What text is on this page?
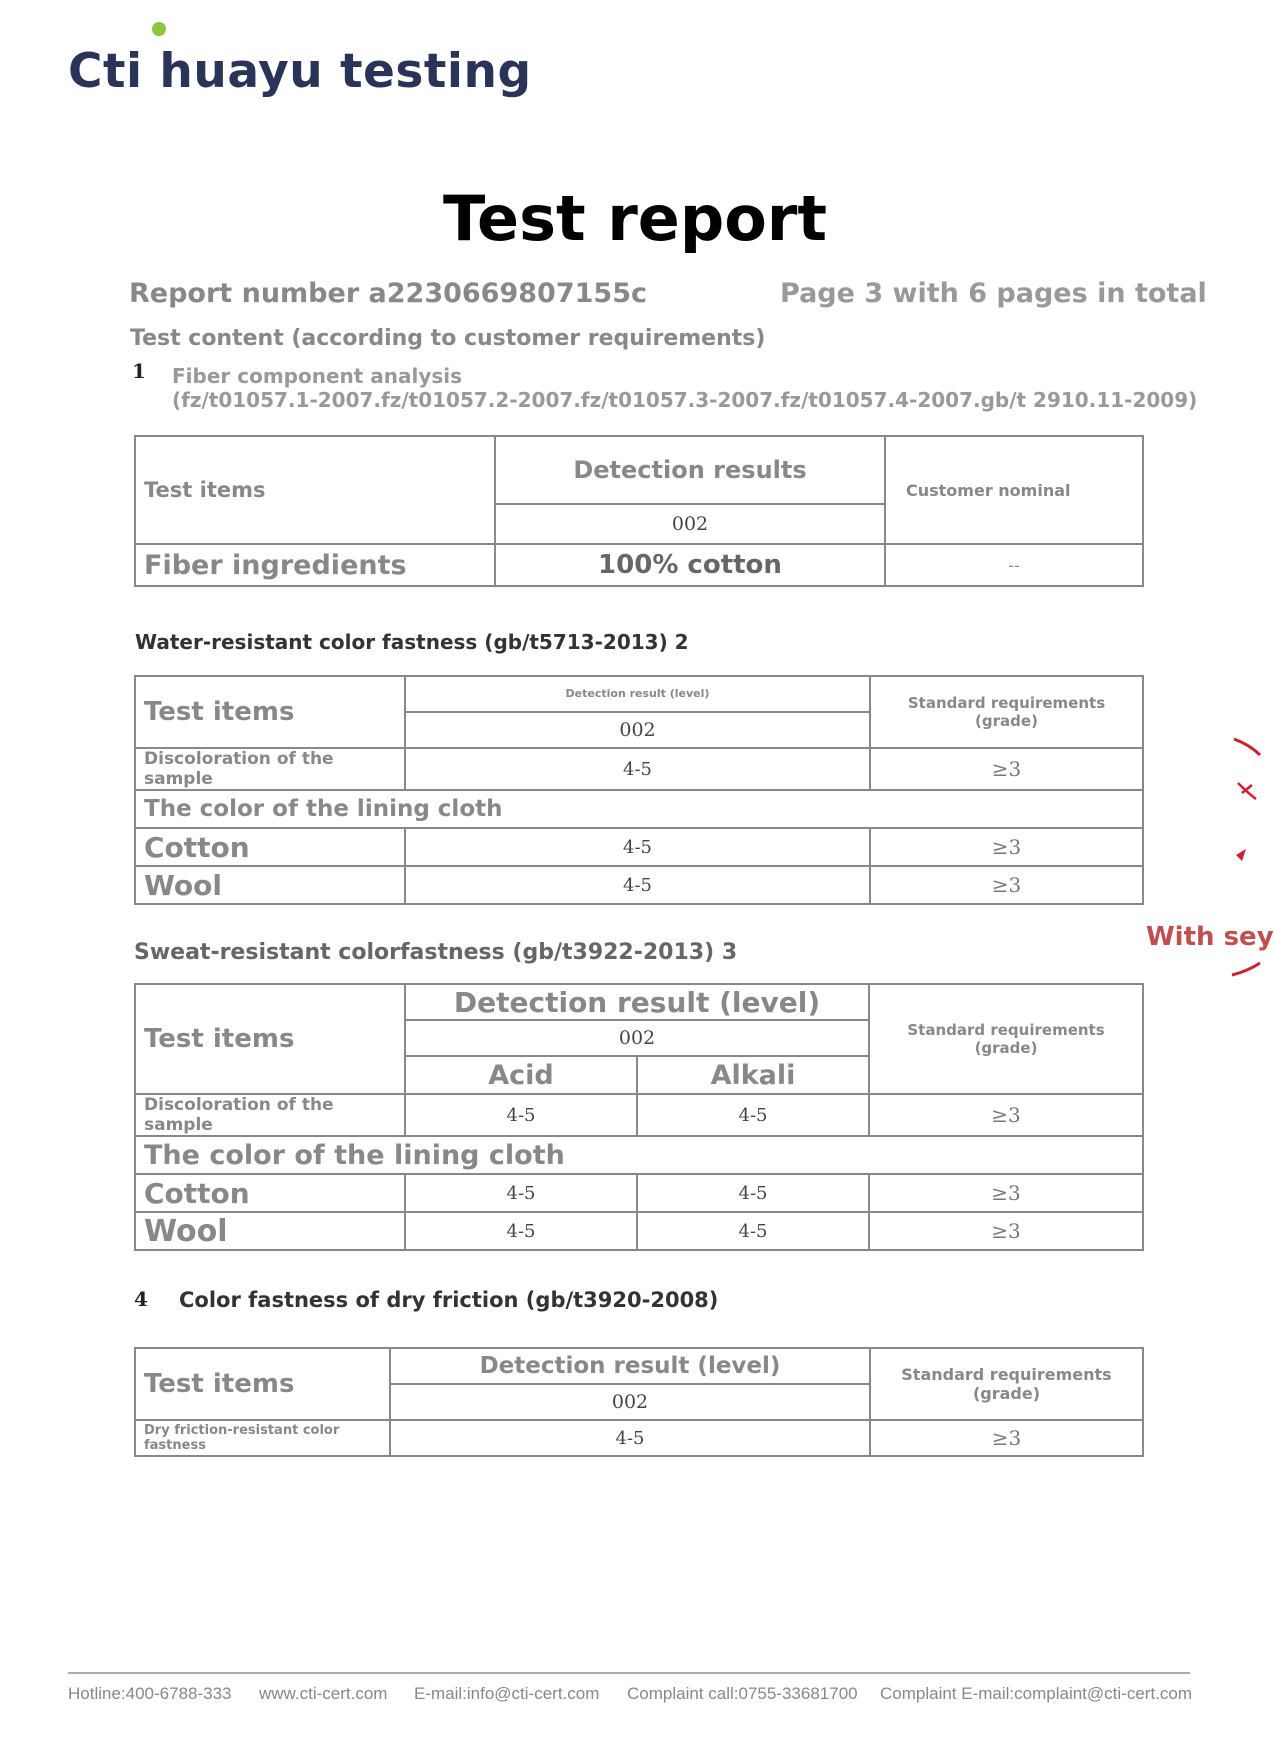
Cti huayu testing
Test report
Report number a2230669807155c	Page 3 with 6 pages in total
Test content (according to customer requirements)
1 Fiber component analysis
(fz/t01057.1-2007.fz/t01057.2-2007.fz/t01057.3-2007.fz/t01057.4-2007.gb/t 2910.11-2009)
Test items	Detection results	Customer nominal
	002	
Fiber ingredients	100% cotton	--
Water-resistant color fastness (gb/t5713-2013) 2
Test items	Detection result (level)	Standard requirements (grade)
	002	
Discoloration of the sample	4-5	≥3
The color of the lining cloth		
Cotton	4-5	≥3
Wool	4-5	≥3
With sey
Sweat-resistant colorfastness (gb/t3922-2013) 3
Test items	Detection result (level)		Standard requirements (grade)
	002		
	Acid	Alkali	
Discoloration of the sample	4-5	4-5	≥3
The color of the lining cloth			
Cotton	4-5	4-5	≥3
Wool	4-5	4-5	≥3
4 Color fastness of dry friction (gb/t3920-2008)
Test items	Detection result (level)	Standard requirements (grade)
	002	
Dry friction-resistant color fastness	4-5	≥3
Hotline:400-6788-333 www.cti-cert.com E-mail:info@cti-cert.com Complaint call:0755-33681700 Complaint E-mail:complaint@cti-cert.com
